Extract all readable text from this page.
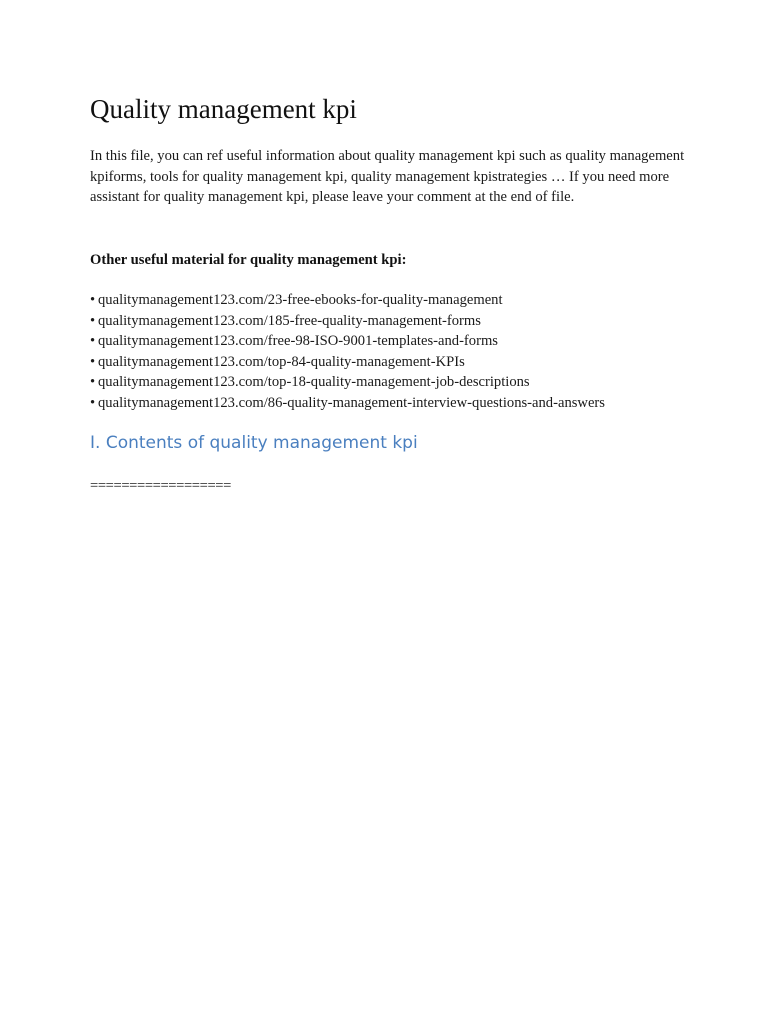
Quality management kpi

In this file, you can ref useful information about quality management kpi such as quality management kpiforms, tools for quality management kpi, quality management kpistrategies … If you need more assistant for quality management kpi, please leave your comment at the end of file.

Other useful material for quality management kpi:

• qualitymanagement123.com/23-free-ebooks-for-quality-management
• qualitymanagement123.com/185-free-quality-management-forms
• qualitymanagement123.com/free-98-ISO-9001-templates-and-forms
• qualitymanagement123.com/top-84-quality-management-KPIs
• qualitymanagement123.com/top-18-quality-management-job-descriptions
• qualitymanagement123.com/86-quality-management-interview-questions-and-answers
I. Contents of quality management kpi
==================
